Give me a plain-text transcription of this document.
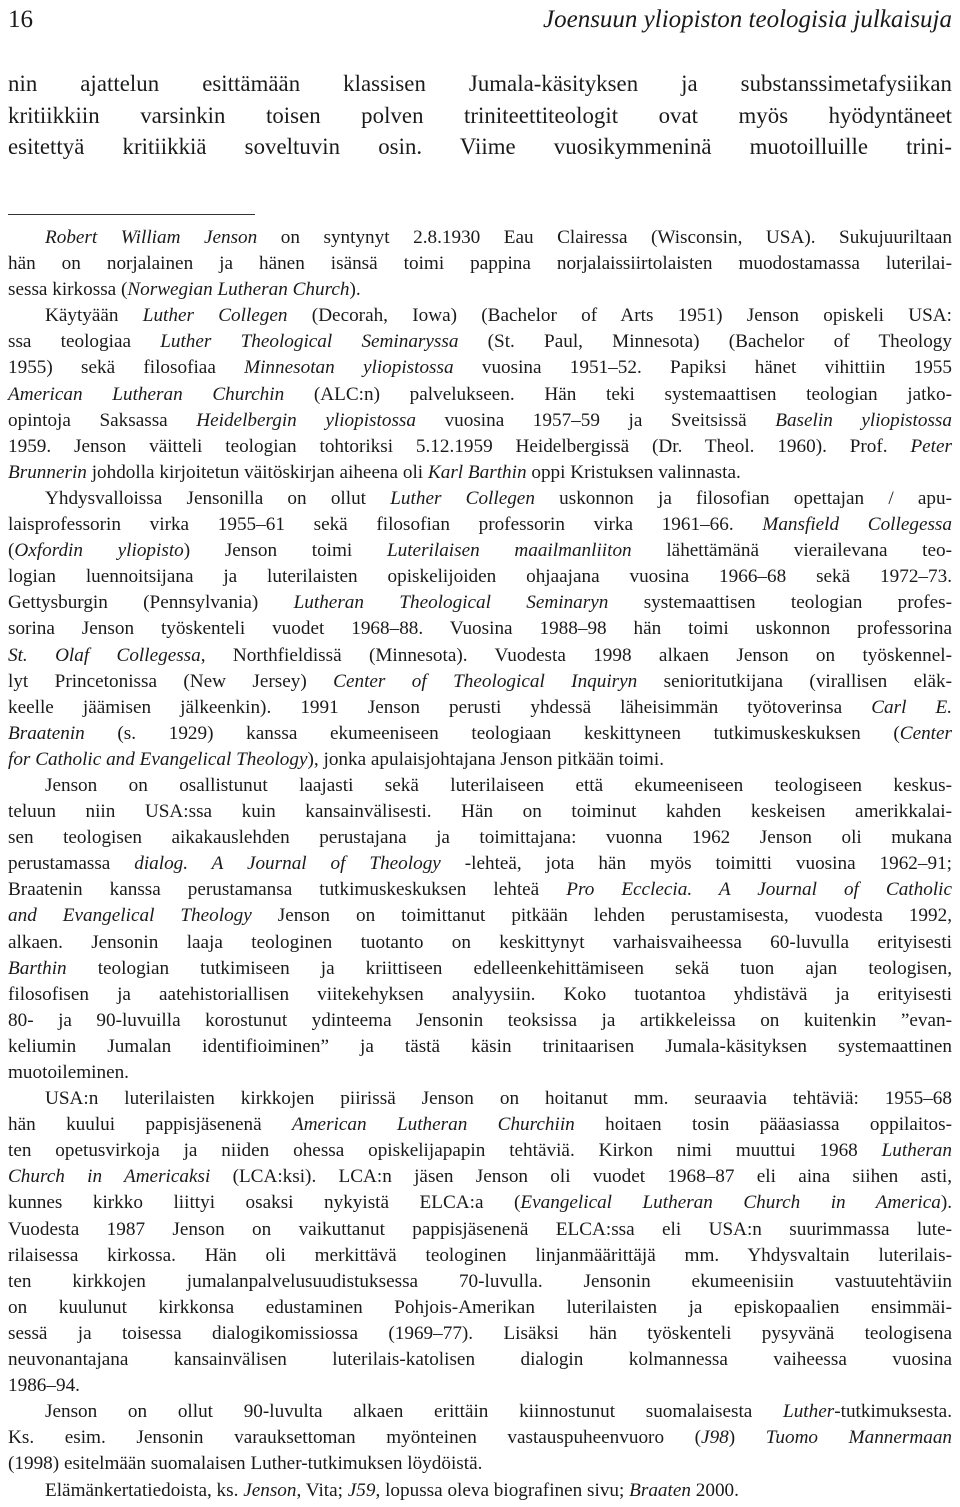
16	Joensuun yliopiston teologisia julkaisuja
nin ajattelun esittämään klassisen Jumala-käsityksen ja substanssimetafysiikan
kritiikkiin varsinkin toisen polven triniteettiteologit ovat myös hyödyntäneet
esitettyä kritiikkiä soveltuvin osin. Viime vuosikymmeninä muotoilluille trini-

Robert William Jenson on syntynyt 2.8.1930 Eau Clairessa (Wisconsin, USA). Sukujuuriltaan
hän on norjalainen ja hänen isänsä toimi pappina norjalaissiirtolaisten muodostamassa luterilai-
sessa kirkossa (Norwegian Lutheran Church).

Käytyään Luther Collegen (Decorah, Iowa) (Bachelor of Arts 1951) Jenson opiskeli USA:
ssa teologiaa Luther Theological Seminaryssa (St. Paul, Minnesota) (Bachelor of Theology
1955) sekä filosofiaa Minnesotan yliopistossa vuosina 1951–52. Papiksi hänet vihittiin 1955
American Lutheran Churchin (ALC:n) palvelukseen. Hän teki systemaattisen teologian jatko-
opintoja Saksassa Heidelbergin yliopistossa vuosina 1957–59 ja Sveitsissä Baselin yliopistossa
1959. Jenson väitteli teologian tohtoriksi 5.12.1959 Heidelbergissä (Dr. Theol. 1960). Prof. Peter
Brunnerin johdolla kirjoitetun väitöskirjan aiheena oli Karl Barthin oppi Kristuksen valinnasta.

Yhdysvalloissa Jensonilla on ollut Luther Collegen uskonnon ja filosofian opettajan / apu-
laisprofessorin virka 1955–61 sekä filosofian professorin virka 1961–66. Mansfield Collegessa
(Oxfordin yliopisto) Jenson toimi Luterilaisen maailmanliiton lähettämänä vierailevana teo-
logian luennoitsijana ja luterilaisten opiskelijoiden ohjaajana vuosina 1966–68 sekä 1972–73.
Gettysburgin (Pennsylvania) Lutheran Theological Seminaryn systemaattisen teologian profes-
sorina Jenson työskenteli vuodet 1968–88. Vuosina 1988–98 hän toimi uskonnon professorina
St. Olaf Collegessa, Northfieldissä (Minnesota). Vuodesta 1998 alkaen Jenson on työskennel-
lyt Princetonissa (New Jersey) Center of Theological Inquiryn senioritutkijana (virallisen eläk-
keelle jäämisen jälkeenkin). 1991 Jenson perusti yhdessä läheisimmän työtoverinsa Carl E.
Braatenin (s. 1929) kanssa ekumeeniseen teologiaan keskittyneen tutkimuskeskuksen (Center
for Catholic and Evangelical Theology), jonka apulaisjohtajana Jenson pitkään toimi.

Jenson on osallistunut laajasti sekä luterilaiseen että ekumeeniseen teologiseen keskus-
teluun niin USA:ssa kuin kansainvälisesti. Hän on toiminut kahden keskeisen amerikkalai-
sen teologisen aikakauslehden perustajana ja toimittajana: vuonna 1962 Jenson oli mukana
perustamassa dialog. A Journal of Theology -lehteä, jota hän myös toimitti vuosina 1962–91;
Braatenin kanssa perustamansa tutkimuskeskuksen lehteä Pro Ecclecia. A Journal of Catholic
and Evangelical Theology Jenson on toimittanut pitkään lehden perustamisesta, vuodesta 1992,
alkaen. Jensonin laaja teologinen tuotanto on keskittynyt varhaisvaiheessa 60-luvulla erityisesti
Barthin teologian tutkimiseen ja kriittiseen edelleenkehittämiseen sekä tuon ajan teologisen,
filosofisen ja aatehistoriallisen viitekehyksen analyysiin. Koko tuotantoa yhdistävä ja erityisesti
80- ja 90-luvuilla korostunut ydinteema Jensonin teoksissa ja artikkeleissa on kuitenkin ”evan-
keliumin Jumalan identifioiminen” ja tästä käsin trinitaarisen Jumala-käsityksen systemaattinen
muotoileminen.

USA:n luterilaisten kirkkojen piirissä Jenson on hoitanut mm. seuraavia tehtäviä: 1955–68
hän kuului pappisjäsenenä American Lutheran Churchiin hoitaen tosin pääasiassa oppilaitos-
ten opetusvirkoja ja niiden ohessa opiskelijapapin tehtäviä. Kirkon nimi muuttui 1968 Lutheran
Church in Americaksi (LCA:ksi). LCA:n jäsen Jenson oli vuodet 1968–87 eli aina siihen asti,
kunnes kirkko liittyi osaksi nykyistä ELCA:a (Evangelical Lutheran Church in America).
Vuodesta 1987 Jenson on vaikuttanut pappisjäsenenä ELCA:ssa eli USA:n suurimmassa lute-
rilaisessa kirkossa. Hän oli merkittävä teologinen linjanmäärittäjä mm. Yhdysvaltain luterilais-
ten kirkkojen jumalanpalvelusuudistuksessa 70-luvulla. Jensonin ekumeenisiin vastuutehtäviin
on kuulunut kirkkonsa edustaminen Pohjois-Amerikan luterilaisten ja episkopaalien ensimmäi-
sessä ja toisessa dialogikomissiossa (1969–77). Lisäksi hän työskenteli pysyvänä teologisena
neuvonantajana kansainvälisen luterilais-katolisen dialogin kolmannessa vaiheessa vuosina
1986–94.

Jenson on ollut 90-luvulta alkaen erittäin kiinnostunut suomalaisesta Luther-tutkimuksesta.
Ks. esim. Jensonin varauksettoman myönteinen vastauspuheenvuoro (J98) Tuomo Mannermaan
(1998) esitelmään suomalaisen Luther-tutkimuksen löydöistä.

Elämänkertatiedoista, ks. Jenson, Vita; J59, lopussa oleva biografinen sivu; Braaten 2000.
